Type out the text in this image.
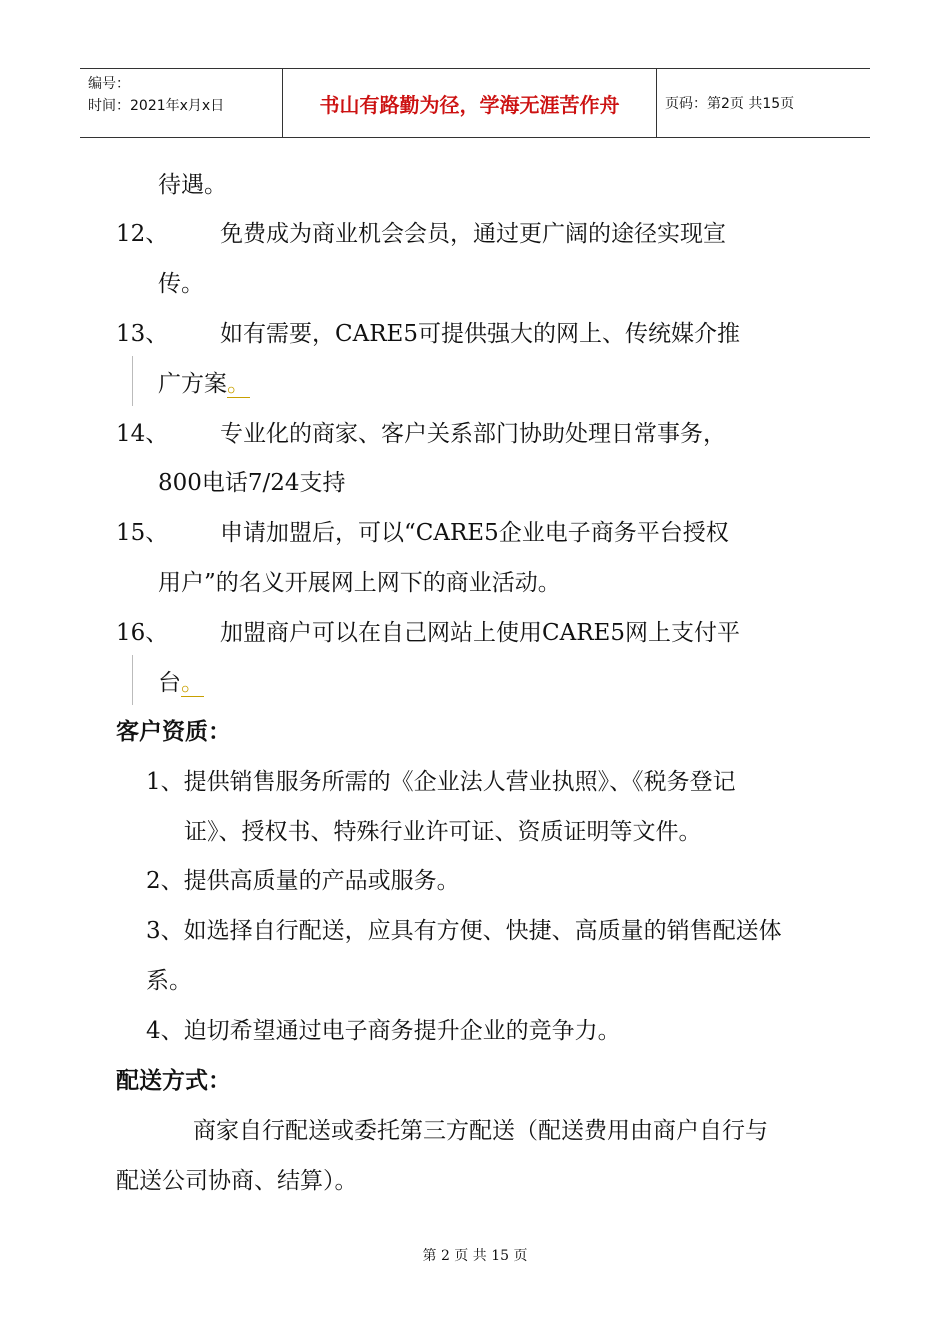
编号：
时间：2021年x月x日	书山有路勤为径，学海无涯苦作舟	页码：第2页 共15页
待遇。
12、 免费成为商业机会会员，通过更广阔的途径实现宣
传。
13、 如有需要，CARE5可提供强大的网上、传统媒介推
广方案。
14、 专业化的商家、客户关系部门协助处理日常事务，
800电话7/24支持
15、 申请加盟后，可以“CARE5企业电子商务平台授权
用户”的名义开展网上网下的商业活动。
16、 加盟商户可以在自己网站上使用CARE5网上支付平
台。
客户资质：
1、提供销售服务所需的《企业法人营业执照》、《税务登记
证》、授权书、特殊行业许可证、资质证明等文件。
2、提供高质量的产品或服务。
3、如选择自行配送，应具有方便、快捷、高质量的销售配送体
系。
4、迫切希望通过电子商务提升企业的竞争力。
配送方式：
商家自行配送或委托第三方配送（配送费用由商户自行与
配送公司协商、结算）。
第 2 页 共 15 页
